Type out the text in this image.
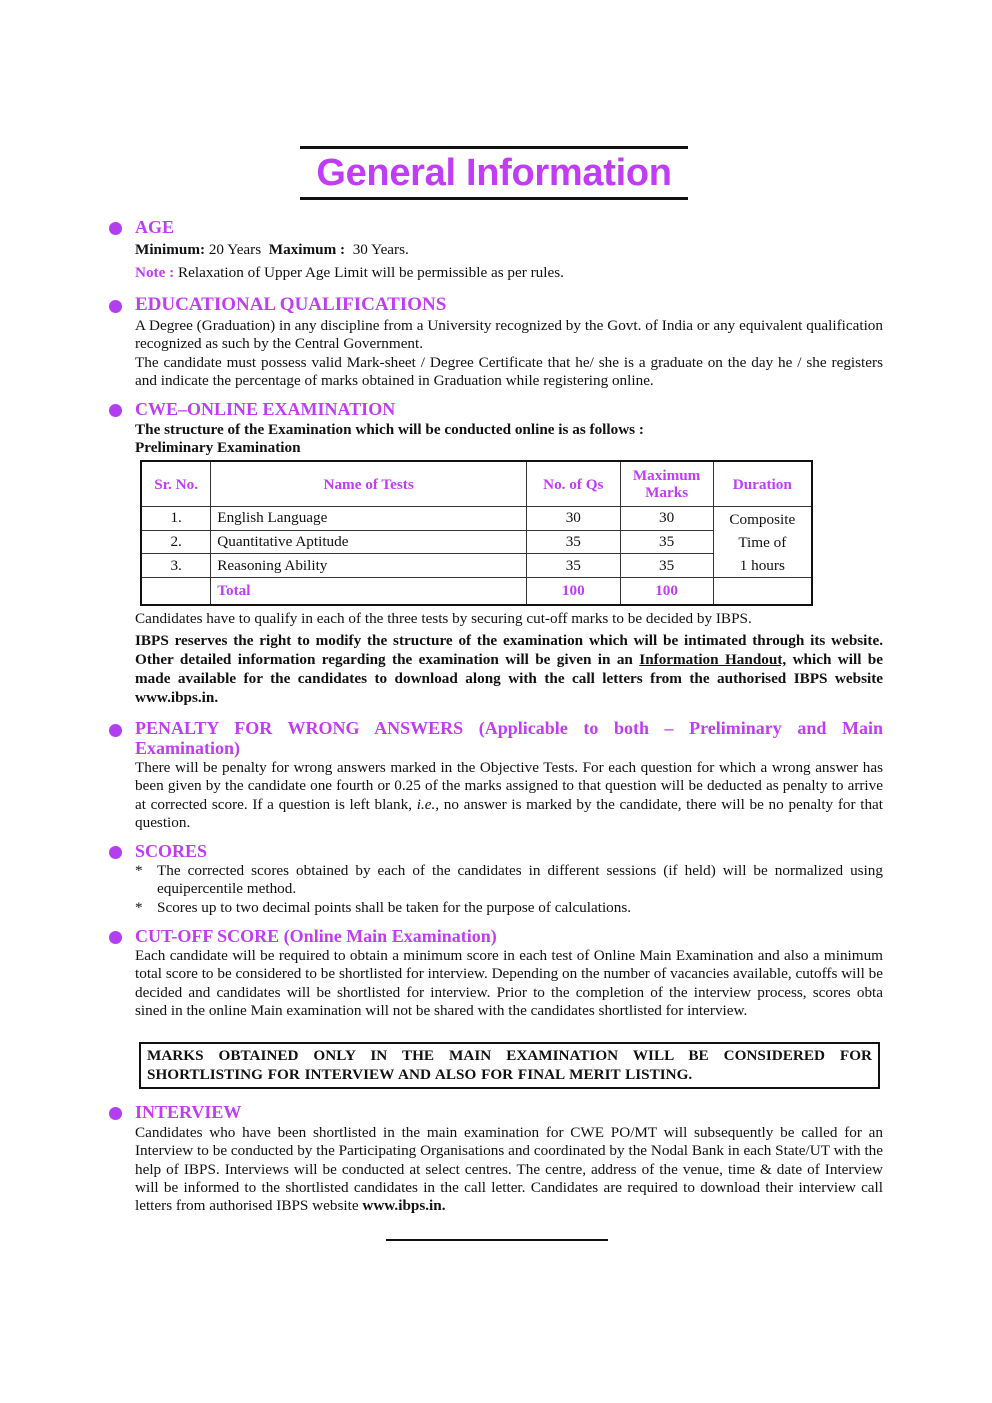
General Information
AGE

Minimum: 20 Years  Maximum :  30 Years.

Note : Relaxation of Upper Age Limit will be permissible as per rules.

EDUCATIONAL QUALIFICATIONS

A Degree (Graduation) in any discipline from a University recognized by the Govt. of India or any equivalent qualification recognized as such by the Central Government.

The candidate must possess valid Mark-sheet / Degree Certificate that he/ she is a graduate on the day he / she registers and indicate the percentage of marks obtained in Graduation while registering online.

CWE–ONLINE EXAMINATION

The structure of the Examination which will be conducted online is as follows :

Preliminary Examination

Sr. No.	Name of Tests	No. of Qs	Maximum Marks	Duration
1.	English Language	30	30	Composite
Time of
1 hours

2.	Quantitative Aptitude	35	35	
3.	Reasoning Ability	35	35	
	Total	100	100	

Candidates have to qualify in each of the three tests by securing cut-off marks to be decided by IBPS.

IBPS reserves the right to modify the structure of the examination which will be intimated through its website. Other detailed information regarding the examination will be given in an Information Handout, which will be made available for the candidates to download along with the call letters from the authorised IBPS website www.ibps.in.

PENALTY FOR WRONG ANSWERS (Applicable to both – Preliminary and Main Examination)

There will be penalty for wrong answers marked in the Objective Tests. For each question for which a wrong answer has been given by the candidate one fourth or 0.25 of the marks assigned to that question will be deducted as penalty to arrive at corrected score. If a question is left blank, i.e., no answer is marked by the candidate, there will be no penalty for that question.

SCORES
* The corrected scores obtained by each of the candidates in different sessions (if held) will be normalized using equipercentile method.

* Scores up to two decimal points shall be taken for the purpose of calculations.

CUT-OFF SCORE (Online Main Examination)

Each candidate will be required to obtain a minimum score in each test of Online Main Examination and also a minimum total score to be considered to be shortlisted for interview. Depending on the number of vacancies available, cutoffs will be decided and candidates will be shortlisted for interview. Prior to the completion of the interview process, scores obta     sined in the online Main examination will not be shared with the candidates shortlisted for interview.

MARKS OBTAINED ONLY IN THE MAIN EXAMINATION WILL BE CONSIDERED FOR SHORTLISTING FOR INTERVIEW AND ALSO FOR FINAL MERIT LISTING.
INTERVIEW

Candidates who have been shortlisted in the main examination for CWE PO/MT will subsequently be called for an Interview to be conducted by the Participating Organisations and coordinated by the Nodal Bank in each State/UT with the help of IBPS. Interviews will be conducted at select centres. The centre, address of the venue, time & date of Interview will be informed to the shortlisted candidates in the call letter. Candidates are required to download their interview call letters from authorised IBPS website www.ibps.in.
